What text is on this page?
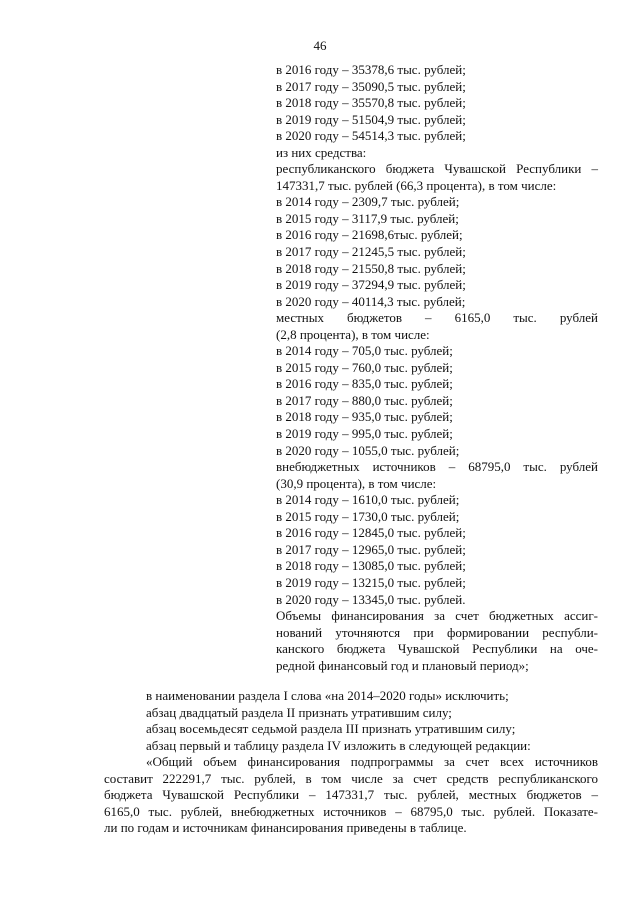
46
в 2016 году – 35378,6 тыс. рублей;
в 2017 году – 35090,5 тыс. рублей;
в 2018 году – 35570,8 тыс. рублей;
в 2019 году – 51504,9 тыс. рублей;
в 2020 году – 54514,3 тыс. рублей;
из них средства:
республиканского бюджета Чувашской Республики –
147331,7 тыс. рублей (66,3 процента), в том числе:
в 2014 году – 2309,7 тыс. рублей;
в 2015 году – 3117,9 тыс. рублей;
в 2016 году – 21698,6тыс. рублей;
в 2017 году – 21245,5 тыс. рублей;
в 2018 году – 21550,8 тыс. рублей;
в 2019 году – 37294,9 тыс. рублей;
в 2020 году – 40114,3 тыс. рублей;
местных бюджетов – 6165,0 тыс. рублей
(2,8 процента), в том числе:
в 2014 году – 705,0 тыс. рублей;
в 2015 году – 760,0 тыс. рублей;
в 2016 году – 835,0 тыс. рублей;
в 2017 году – 880,0 тыс. рублей;
в 2018 году – 935,0 тыс. рублей;
в 2019 году – 995,0 тыс. рублей;
в 2020 году – 1055,0 тыс. рублей;
внебюджетных источников – 68795,0 тыс. рублей
(30,9 процента), в том числе:
в 2014 году – 1610,0 тыс. рублей;
в 2015 году – 1730,0 тыс. рублей;
в 2016 году – 12845,0 тыс. рублей;
в 2017 году – 12965,0 тыс. рублей;
в 2018 году – 13085,0 тыс. рублей;
в 2019 году – 13215,0 тыс. рублей;
в 2020 году – 13345,0 тыс. рублей.
Объемы финансирования за счет бюджетных ассиг-
нований уточняются при формировании республи-
канского бюджета Чувашской Республики на оче-
редной финансовый год и плановый период»;
в наименовании раздела I слова «на 2014–2020 годы» исключить;
абзац двадцатый раздела II признать утратившим силу;
абзац восемьдесят седьмой раздела III признать утратившим силу;
абзац первый и таблицу раздела IV изложить в следующей редакции:
«Общий объем финансирования подпрограммы за счет всех источников
составит 222291,7 тыс. рублей, в том числе за счет средств республиканского
бюджета Чувашской Республики – 147331,7 тыс. рублей, местных бюджетов –
6165,0 тыс. рублей, внебюджетных источников – 68795,0 тыс. рублей. Показате-
ли по годам и источникам финансирования приведены в таблице.
